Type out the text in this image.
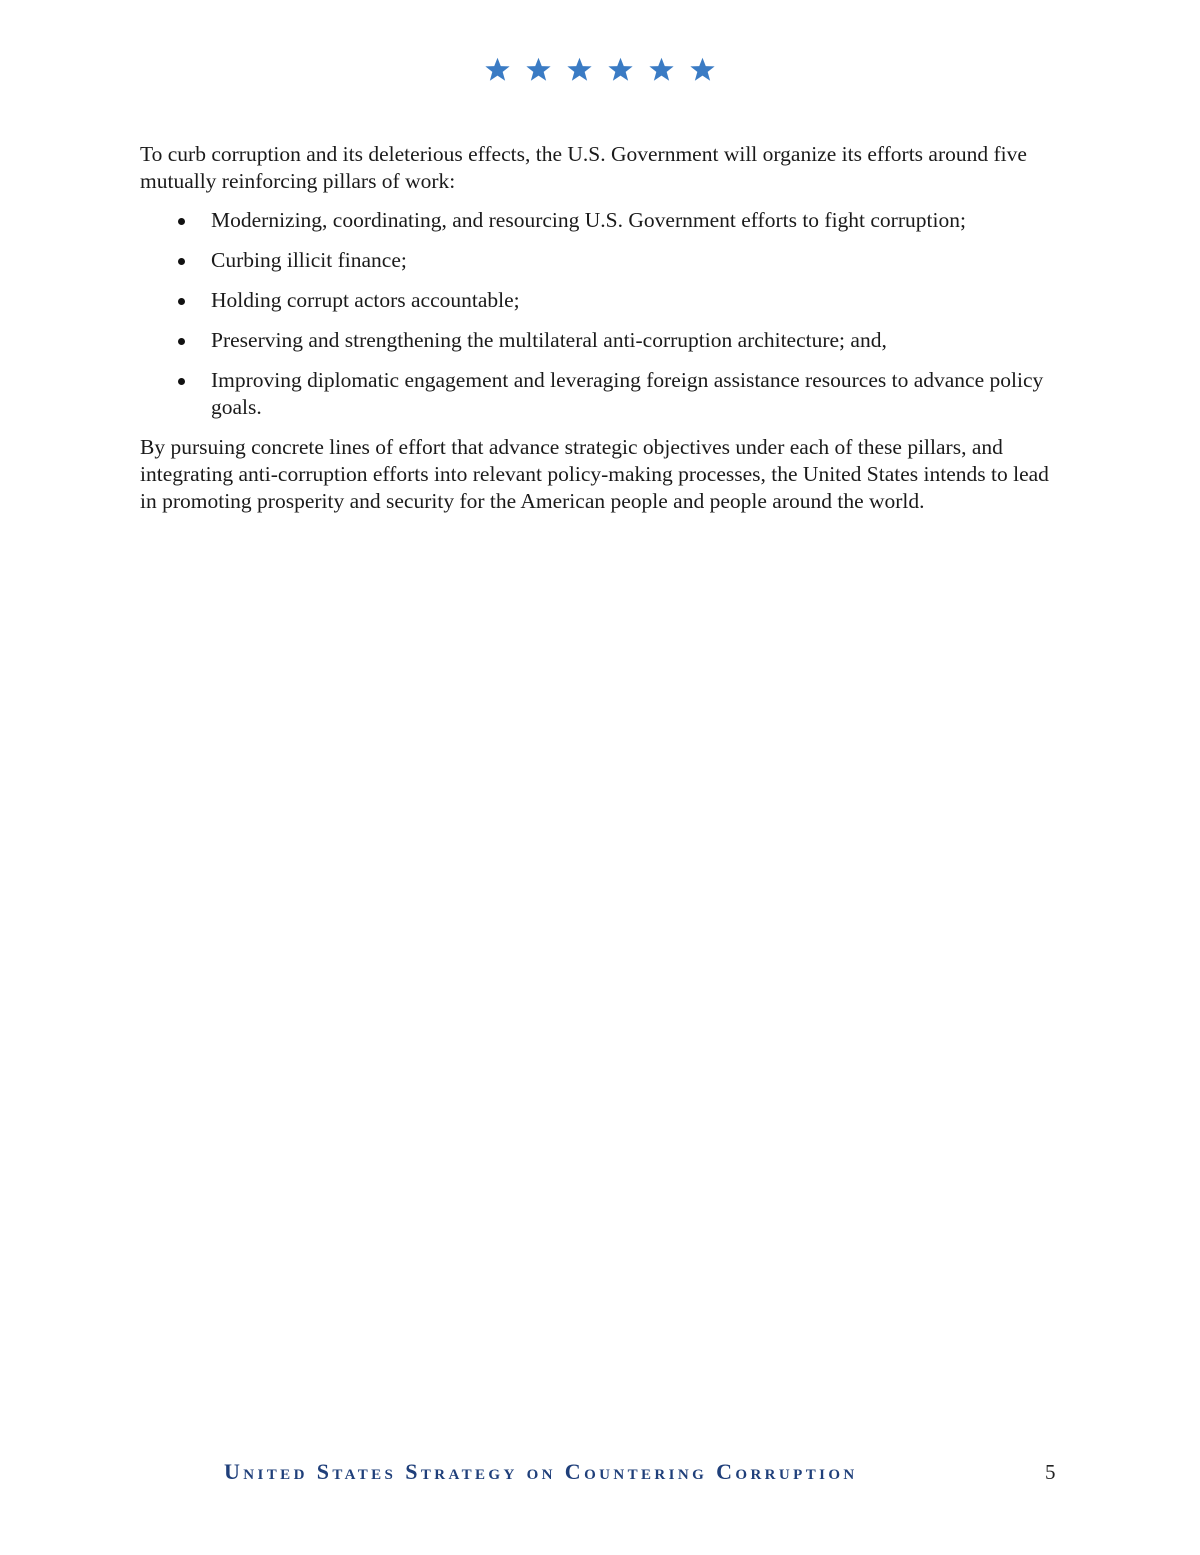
To curb corruption and its deleterious effects, the U.S. Government will organize its efforts around five mutually reinforcing pillars of work:

Modernizing, coordinating, and resourcing U.S. Government efforts to fight corruption;
Curbing illicit finance;
Holding corrupt actors accountable;
Preserving and strengthening the multilateral anti-corruption architecture; and,
Improving diplomatic engagement and leveraging foreign assistance resources to advance policy goals.

By pursuing concrete lines of effort that advance strategic objectives under each of these pillars, and integrating anti-corruption efforts into relevant policy-making processes, the United States intends to lead in promoting prosperity and security for the American people and people around the world.

United States Strategy on Countering Corruption	5
